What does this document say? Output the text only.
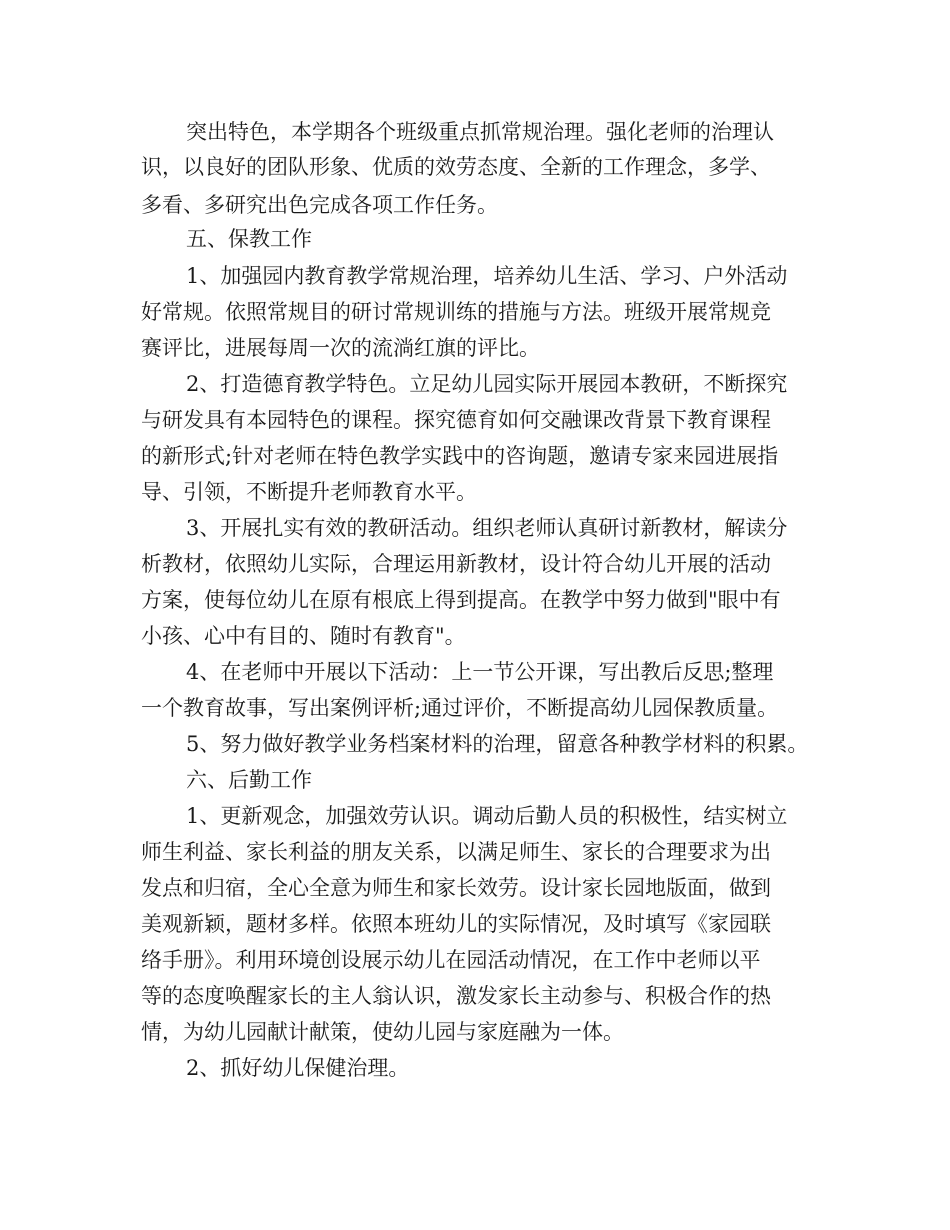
突出特色，本学期各个班级重点抓常规治理。强化老师的治理认
识，以良好的团队形象、优质的效劳态度、全新的工作理念，多学、
多看、多研究出色完成各项工作任务。
五、保教工作
1、加强园内教育教学常规治理，培养幼儿生活、学习、户外活动
好常规。依照常规目的研讨常规训练的措施与方法。班级开展常规竞
赛评比，进展每周一次的流淌红旗的评比。
2、打造德育教学特色。立足幼儿园实际开展园本教研，不断探究
与研发具有本园特色的课程。探究德育如何交融课改背景下教育课程
的新形式;针对老师在特色教学实践中的咨询题，邀请专家来园进展指
导、引领，不断提升老师教育水平。
3、开展扎实有效的教研活动。组织老师认真研讨新教材，解读分
析教材，依照幼儿实际，合理运用新教材，设计符合幼儿开展的活动
方案，使每位幼儿在原有根底上得到提高。在教学中努力做到"眼中有
小孩、心中有目的、随时有教育"。
4、在老师中开展以下活动：上一节公开课，写出教后反思;整理
一个教育故事，写出案例评析;通过评价，不断提高幼儿园保教质量。
5、努力做好教学业务档案材料的治理，留意各种教学材料的积累。
六、后勤工作
1、更新观念，加强效劳认识。调动后勤人员的积极性，结实树立
师生利益、家长利益的朋友关系，以满足师生、家长的合理要求为出
发点和归宿，全心全意为师生和家长效劳。设计家长园地版面，做到
美观新颖，题材多样。依照本班幼儿的实际情况，及时填写《家园联
络手册》。利用环境创设展示幼儿在园活动情况，在工作中老师以平
等的态度唤醒家长的主人翁认识，激发家长主动参与、积极合作的热
情，为幼儿园献计献策，使幼儿园与家庭融为一体。
2、抓好幼儿保健治理。
